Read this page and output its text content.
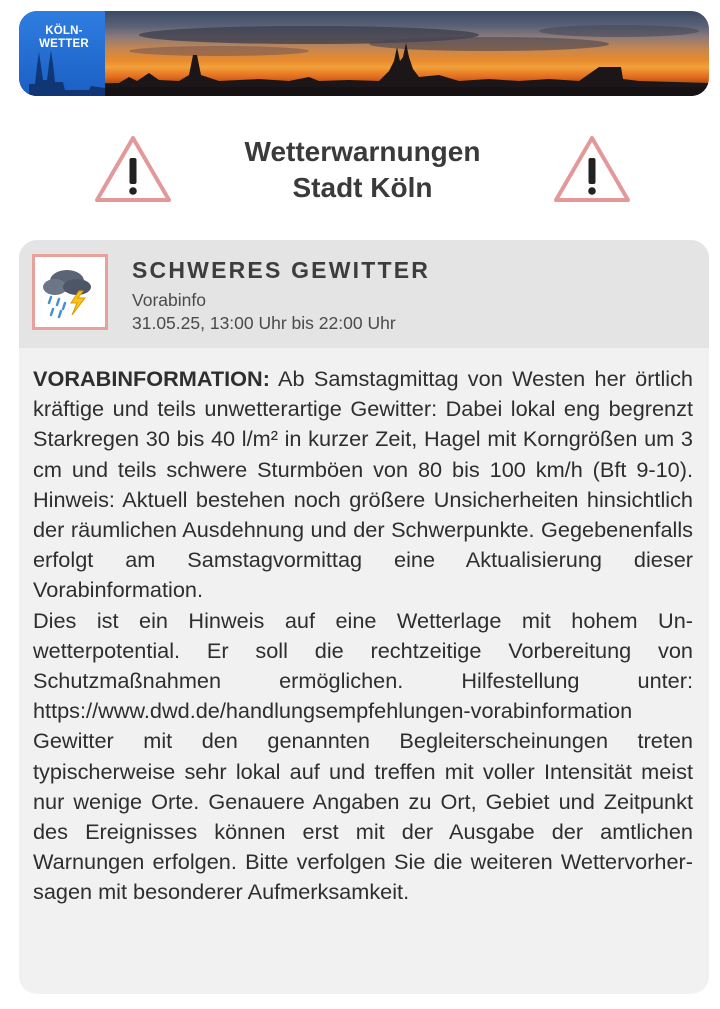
KÖLN-
WETTER
Wetterwarnungen
Stadt Köln
SCHWERES GEWITTER
Vorabinfo
31.05.25, 13:00 Uhr bis 22:00 Uhr

VORABINFORMATION: Ab Samstagmittag von Westen her örtlich kräftige und teils unwetterartige Gewitter: Dabei lokal eng begrenzt Starkregen 30 bis 40 l/m² in kurzer Zeit, Hagel mit Korngrößen um 3 cm und teils schwere Sturmböen von 80 bis 100 km/h (Bft 9-10). Hinweis: Aktuell bestehen noch größere Unsicherheiten hinsichtlich der räumlichen Ausdehnung und der Schwerpunkte. Gegebenenfalls erfolgt am Samstagvormittag eine Aktualisierung dieser Vorabinformation.

Dies ist ein Hinweis auf eine Wetterlage mit hohem Unwetterpotential. Er soll die rechtzeitige Vorbereitung von Schutzmaßnahmen ermöglichen. Hilfestellung unter: https://www.dwd.de/handlungsempfehlungen-vorabinformation Gewitter mit den genannten Begleiterscheinungen treten typischerweise sehr lokal auf und treffen mit voller Intensität meist nur wenige Orte. Genauere Angaben zu Ort, Gebiet und Zeitpunkt des Ereignisses können erst mit der Ausgabe der amtlichen Warnungen erfolgen. Bitte verfolgen Sie die weiteren Wettervorhersagen mit besonderer Aufmerksamkeit.
